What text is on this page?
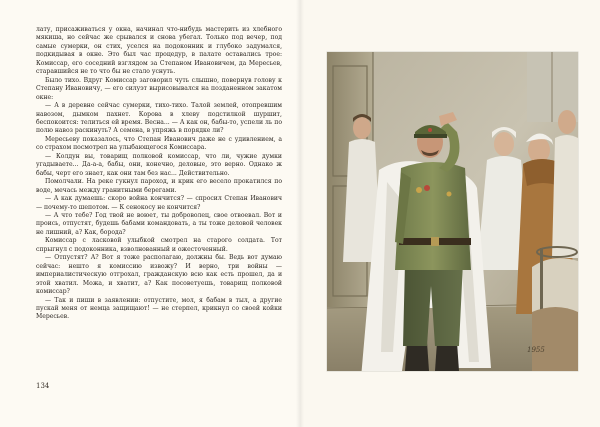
лату, присаживаться у окна, начинал что-нибудь мастерить из хлебного мякиша, но сейчас же срывался и снова убегал. Только под вечер, под самые сумерки, он стих, уселся на подоконник и глубоко задумался, подкидывая в окне. Это был час процедур, в палате оставались трое: Комиссар, его соседний взглядом за Степаном Ивановичем, да Мересьев, старавшийся не то что бы не стало уснуть.

Было тихо. Вдруг Комиссар заговорил чуть слышно, повернув голову к Степану Ивановичу, — его силуэт вырисовывался на позданенном закатом окне:

— А в деревне сейчас сумерки, тихо-тихо. Талой землей, отопревшим навозом, дымком пахнет. Корова в хлеву подстилкой шуршит, беспокоится: телиться ей время. Весна... — А как он, бабы-то, успели ль по полю навоз раскинуть? А семена, в упряжь в порядке ли?

Мересьеву показалось, что Степан Иванович даже не с удивлением, а со страхом посмотрел на улыбающегося Комиссара.

— Колдун вы, товарищ полковой комиссар, что ли, чужие думки угадываете... Да-а-а, бабы, они, конечно, деловые, это верно. Однако ж бабы, черт его знает, как они там без нас... Действительно.

Помолчали. На реке гукнул пароход, и крик его весело прокатился по воде, мечась между гранитными берегами.

— А как думаешь: скоро война кончится? — спросил Степан Иванович — почему-то шепотом. — К сенокосу не кончится?

— А что тебе? Год твой не воюет, ты доброволец, свое отвоевал. Вот и проись, отпустят, будешь бабами командовать, а ты тоже деловой человек не лишний, а? Как, борода?

Комиссар с ласковой улыбкой смотрел на старого солдата. Тот спрыгнул с подоконника, взволнованный и ожесточенный.

— Отпустят? А? Вот я тоже располагаю, должны бы. Ведь вот думаю сейчас: нешто я комиссию извожу? И верно, три войны — империалистическую отгрохал, гражданскую всю как есть прошел, да и этой хватил. Можа, и хватит, а? Как посоветуешь, товарищ полковой комиссар?

— Так и пиши в заявлении: отпустите, мол, я бабам в тыл, а другие пускай меня от немца защищают! — не стерпел, крикнул со своей койки Мересьев.

134
1955
